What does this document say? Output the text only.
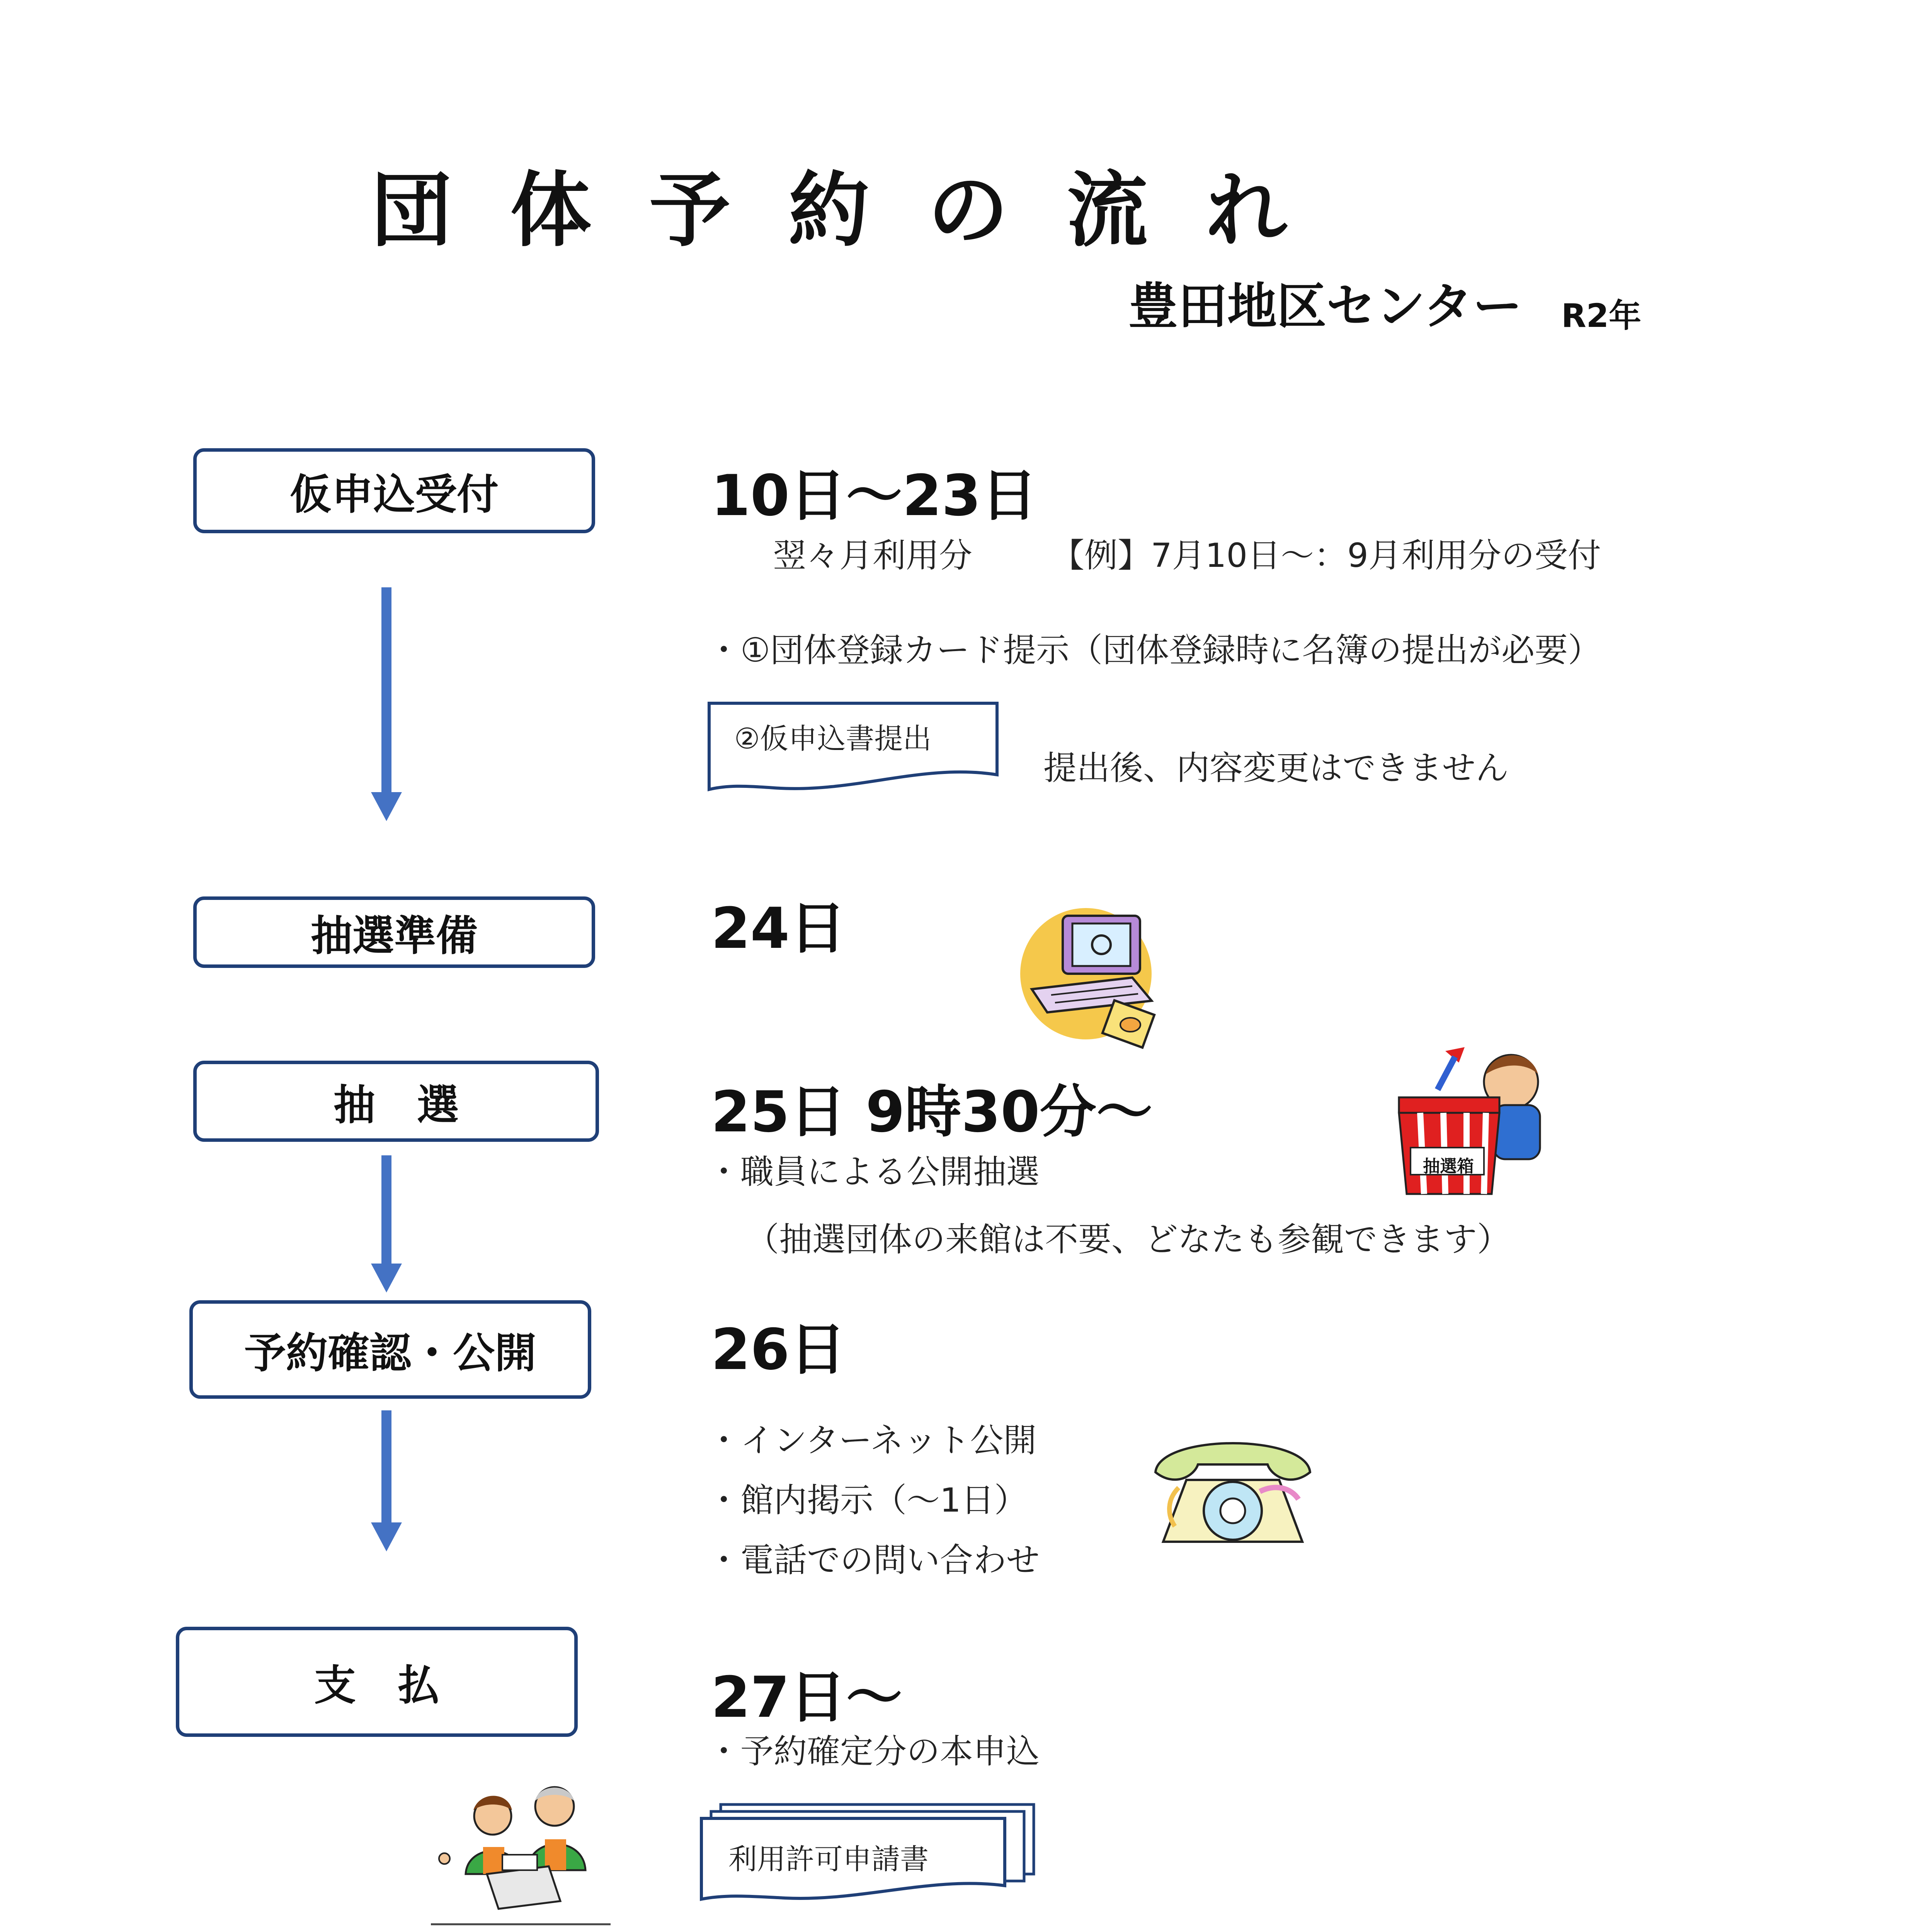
団体予約の流れ
豊田地区センター R2年
仮申込受付	10日～23日
翌々月利用分 【例】7月10日～：9月利用分の受付
・①団体登録カード提示（団体登録時に名簿の提出が必要）
②仮申込書提出
提出後、内容変更はできません
抽選準備	24日
抽　選	25日 9時30分～
・職員による公開抽選
（抽選団体の来館は不要、どなたも参観できます）
抽選箱
予約確認・公開	26日
・インターネット公開
・館内掲示（～1日）
・電話での問い合わせ
支　払	27日～
・予約確定分の本申込
利用許可申請書
